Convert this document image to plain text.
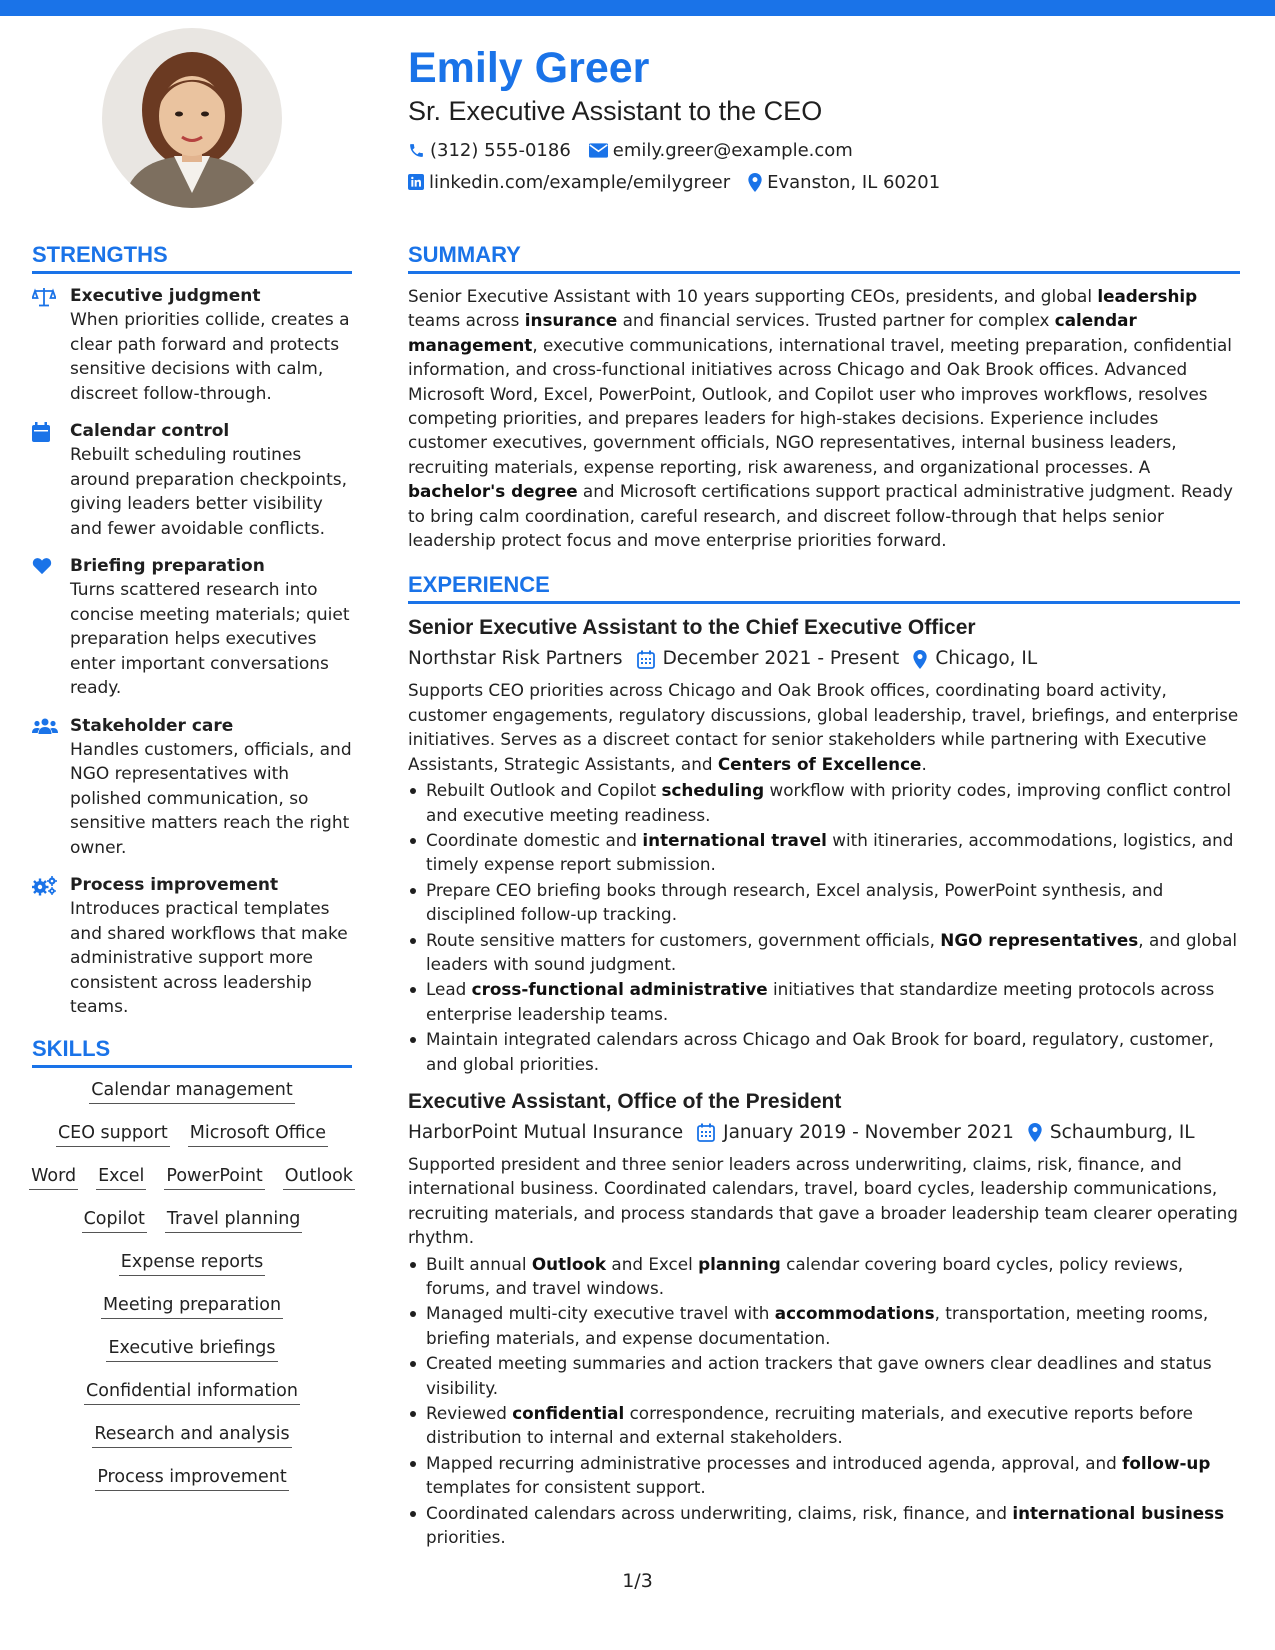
Emily Greer
Sr. Executive Assistant to the CEO
(312) 555-0186 emily.greer@example.com
linkedin.com/example/emilygreer Evanston, IL 60201
STRENGTHS
Executive judgment
When priorities collide, creates a clear path forward and protects sensitive decisions with calm, discreet follow-through.
Calendar control
Rebuilt scheduling routines around preparation checkpoints, giving leaders better visibility and fewer avoidable conflicts.
Briefing preparation
Turns scattered research into concise meeting materials; quiet preparation helps executives enter important conversations ready.
Stakeholder care
Handles customers, officials, and NGO representatives with polished communication, so sensitive matters reach the right owner.
Process improvement
Introduces practical templates and shared workflows that make administrative support more consistent across leadership teams.
SKILLS
Calendar management
CEO support Microsoft Office
Word Excel PowerPoint Outlook
Copilot Travel planning
Expense reports
Meeting preparation
Executive briefings
Confidential information
Research and analysis
Process improvement
SUMMARY

Senior Executive Assistant with 10 years supporting CEOs, presidents, and global leadership teams across insurance and financial services. Trusted partner for complex calendar management, executive communications, international travel, meeting preparation, confidential information, and cross-functional initiatives across Chicago and Oak Brook offices. Advanced Microsoft Word, Excel, PowerPoint, Outlook, and Copilot user who improves workflows, resolves competing priorities, and prepares leaders for high-stakes decisions. Experience includes customer executives, government officials, NGO representatives, internal business leaders, recruiting materials, expense reporting, risk awareness, and organizational processes. A bachelor's degree and Microsoft certifications support practical administrative judgment. Ready to bring calm coordination, careful research, and discreet follow-through that helps senior leadership protect focus and move enterprise priorities forward.

EXPERIENCE
Senior Executive Assistant to the Chief Executive Officer
Northstar Risk Partners December 2021 - Present Chicago, IL

Supports CEO priorities across Chicago and Oak Brook offices, coordinating board activity, customer engagements, regulatory discussions, global leadership, travel, briefings, and enterprise initiatives. Serves as a discreet contact for senior stakeholders while partnering with Executive Assistants, Strategic Assistants, and Centers of Excellence.

Rebuilt Outlook and Copilot scheduling workflow with priority codes, improving conflict control and executive meeting readiness.
Coordinate domestic and international travel with itineraries, accommodations, logistics, and timely expense report submission.
Prepare CEO briefing books through research, Excel analysis, PowerPoint synthesis, and disciplined follow-up tracking.
Route sensitive matters for customers, government officials, NGO representatives, and global leaders with sound judgment.
Lead cross-functional administrative initiatives that standardize meeting protocols across enterprise leadership teams.
Maintain integrated calendars across Chicago and Oak Brook for board, regulatory, customer, and global priorities.
Executive Assistant, Office of the President
HarborPoint Mutual Insurance January 2019 - November 2021 Schaumburg, IL

Supported president and three senior leaders across underwriting, claims, risk, finance, and international business. Coordinated calendars, travel, board cycles, leadership communications, recruiting materials, and process standards that gave a broader leadership team clearer operating rhythm.

Built annual Outlook and Excel planning calendar covering board cycles, policy reviews, forums, and travel windows.
Managed multi-city executive travel with accommodations, transportation, meeting rooms, briefing materials, and expense documentation.
Created meeting summaries and action trackers that gave owners clear deadlines and status visibility.
Reviewed confidential correspondence, recruiting materials, and executive reports before distribution to internal and external stakeholders.
Mapped recurring administrative processes and introduced agenda, approval, and follow-up templates for consistent support.
Coordinated calendars across underwriting, claims, risk, finance, and international business priorities.
1/3
